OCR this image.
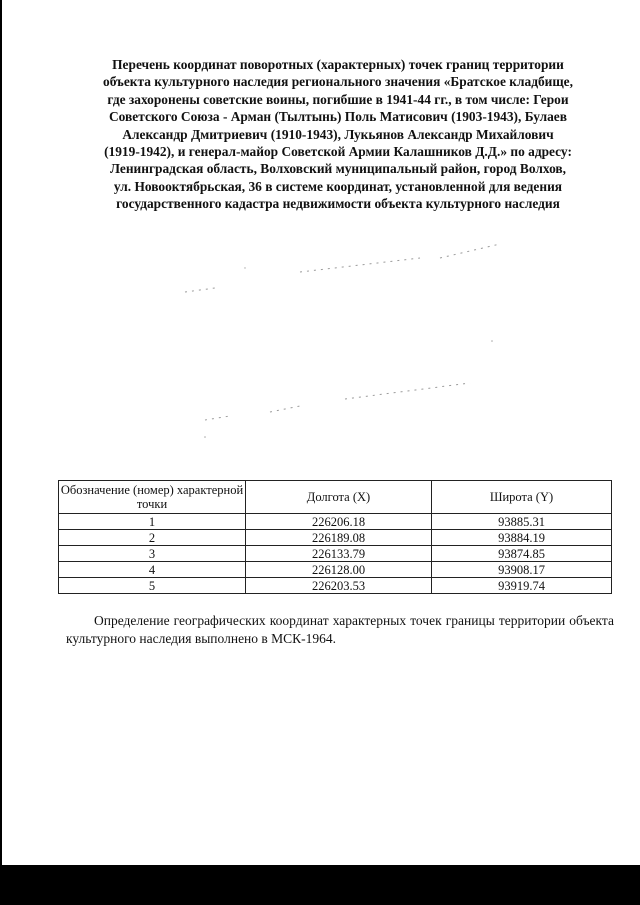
Перечень координат поворотных (характерных) точек границ территории
объекта культурного наследия регионального значения «Братское кладбище,
где захоронены советские воины, погибшие в 1941-44 гг., в том числе: Герои
Советского Союза - Арман (Тылтынь) Поль Матисович (1903-1943), Булаев
Александр Дмитриевич (1910-1943), Лукьянов Александр Михайлович
(1919-1942), и генерал-майор Советской Армии Калашников Д.Д.» по адресу:
Ленинградская область, Волховский муниципальный район, город Волхов,
ул. Новооктябрьская, 36 в системе координат, установленной для ведения
государственного кадастра недвижимости объекта культурного наследия
Обозначение (номер) характерной точки	Долгота (X)	Широта (Y)
1	226206.18	93885.31
2	226189.08	93884.19
3	226133.79	93874.85
4	226128.00	93908.17
5	226203.53	93919.74
Определение географических координат характерных точек границы территории объекта культурного наследия выполнено в МСК-1964.
